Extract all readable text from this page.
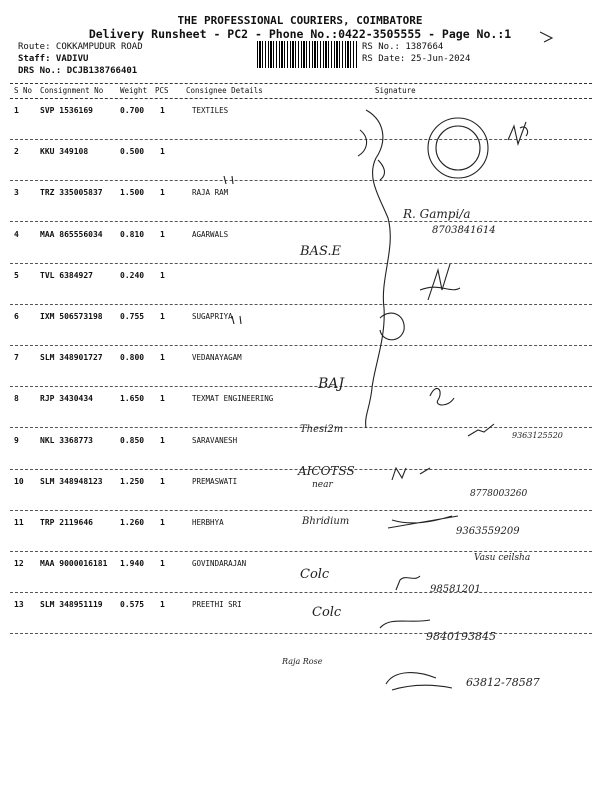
THE PROFESSIONAL COURIERS, COIMBATORE
Delivery Runsheet - PC2 - Phone No.:0422-3505555 - Page No.:1
Route: COKKAMPUDUR ROAD
Staff: VADIVU
DRS No.: DCJB138766401
RS No.: 1387664
RS Date: 25-Jun-2024
S No Consignment No Weight PCS Consignee Details	Signature
1	SVP 1536169	0.700 1	TEXTILES
2	KKU 349108	0.500 1
3	TRZ 335005837 1.500 1	RAJA RAM
4	MAA 865556034 0.810 1	AGARWALS
5	TVL 6384927	0.240 1
6	IXM 506573198 0.755 1	SUGAPRIYA
7	SLM 348901727 0.800 1	VEDANAYAGAM
8	RJP 3430434	1.650 1	TEXMAT ENGINEERING
9	NKL 3368773	0.850 1	SARAVANESH
10 SLM 348948123 1.250 1	PREMASWATI
11 TRP 2119646	1.260 1	HERBHYA
12 MAA 9000016181 1.940 1	GOVINDARAJAN
13 SLM 348951119 0.575 1	PREETHI SRI
R. Gampi/a
8703841614
BAS.E
BAJ
Thesi2m
9363125520
AICOTSS
near
8778003260
Bhridium
9363559209
Colc
Vasu ceilsha
98581201
Colc
9840193845
Raja Rose
63812-78587
